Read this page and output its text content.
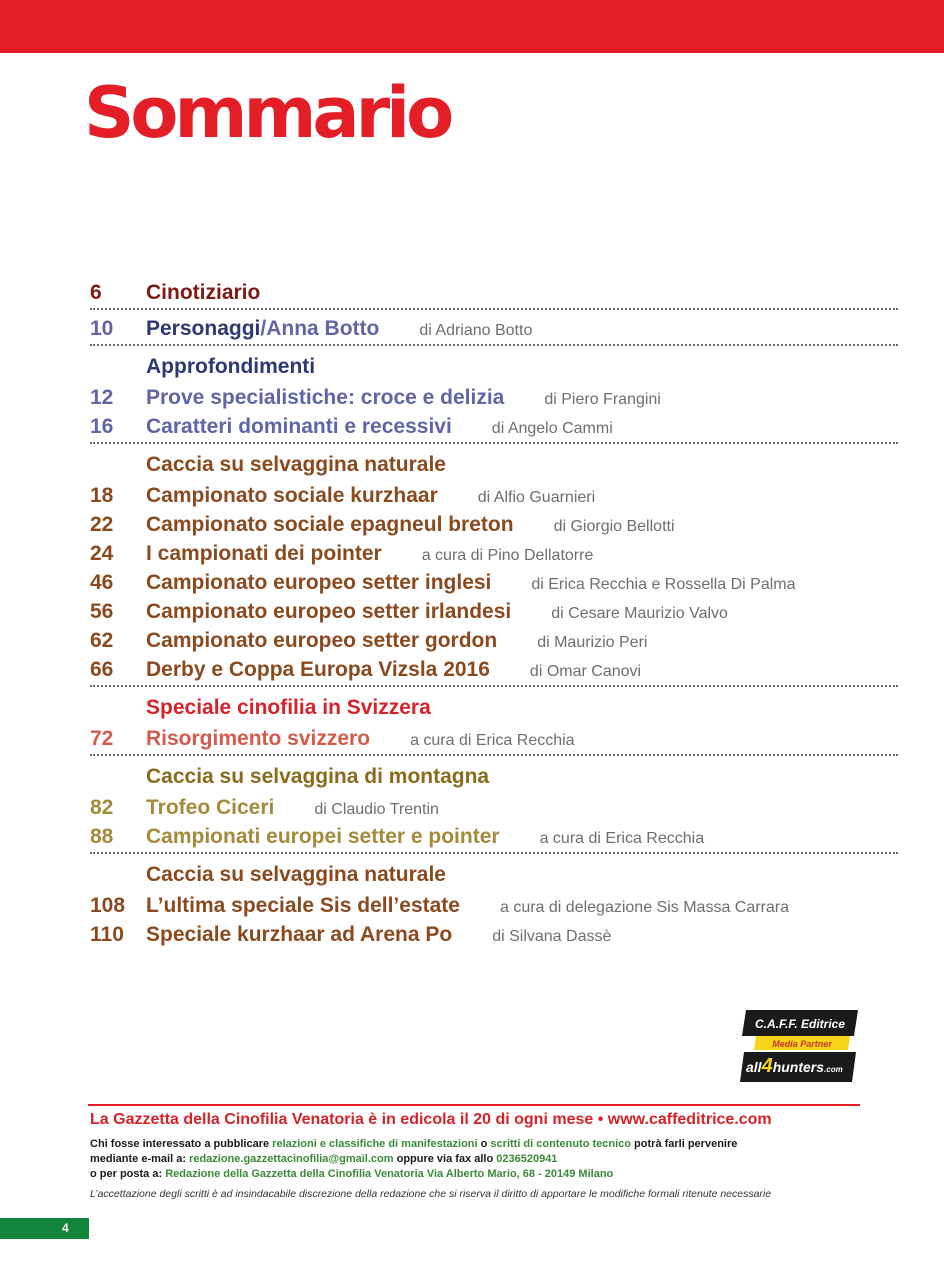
Sommario
6 Cinotiziario
10 Personaggi/Anna Botto	di Adriano Botto
Approfondimenti
12 Prove specialistiche: croce e delizia	di Piero Frangini
16 Caratteri dominanti e recessivi	di Angelo Cammi
Caccia su selvaggina naturale
18 Campionato sociale kurzhaar	di Alfio Guarnieri
22 Campionato sociale epagneul breton	di Giorgio Bellotti
24 I campionati dei pointer	a cura di Pino Dellatorre
46 Campionato europeo setter inglesi	di Erica Recchia e Rossella Di Palma
56 Campionato europeo setter irlandesi	di Cesare Maurizio Valvo
62 Campionato europeo setter gordon	di Maurizio Peri
66 Derby e Coppa Europa Vizsla 2016	di Omar Canovi
Speciale cinofilia in Svizzera
72 Risorgimento svizzero	a cura di Erica Recchia
Caccia su selvaggina di montagna
82 Trofeo Ciceri	di Claudio Trentin
88 Campionati europei setter e pointer	a cura di Erica Recchia
Caccia su selvaggina naturale
108 L’ultima speciale Sis dell’estate	a cura di delegazione Sis Massa Carrara
110 Speciale kurzhaar ad Arena Po	di Silvana Dassè
C.A.F.F. Editrice
Media Partner
all4hunters.com
La Gazzetta della Cinofilia Venatoria è in edicola il 20 di ogni mese • www.caffeditrice.com
Chi fosse interessato a pubblicare relazioni e classifiche di manifestazioni o scritti di contenuto tecnico potrà farli pervenire
mediante e-mail a: redazione.gazzettacinofilia@gmail.com oppure via fax allo 0236520941
o per posta a: Redazione della Gazzetta della Cinofilia Venatoria Via Alberto Mario, 68 - 20149 Milano
L’accettazione degli scritti è ad insindacabile discrezione della redazione che si riserva il diritto di apportare le modifiche formali ritenute necessarie
4
